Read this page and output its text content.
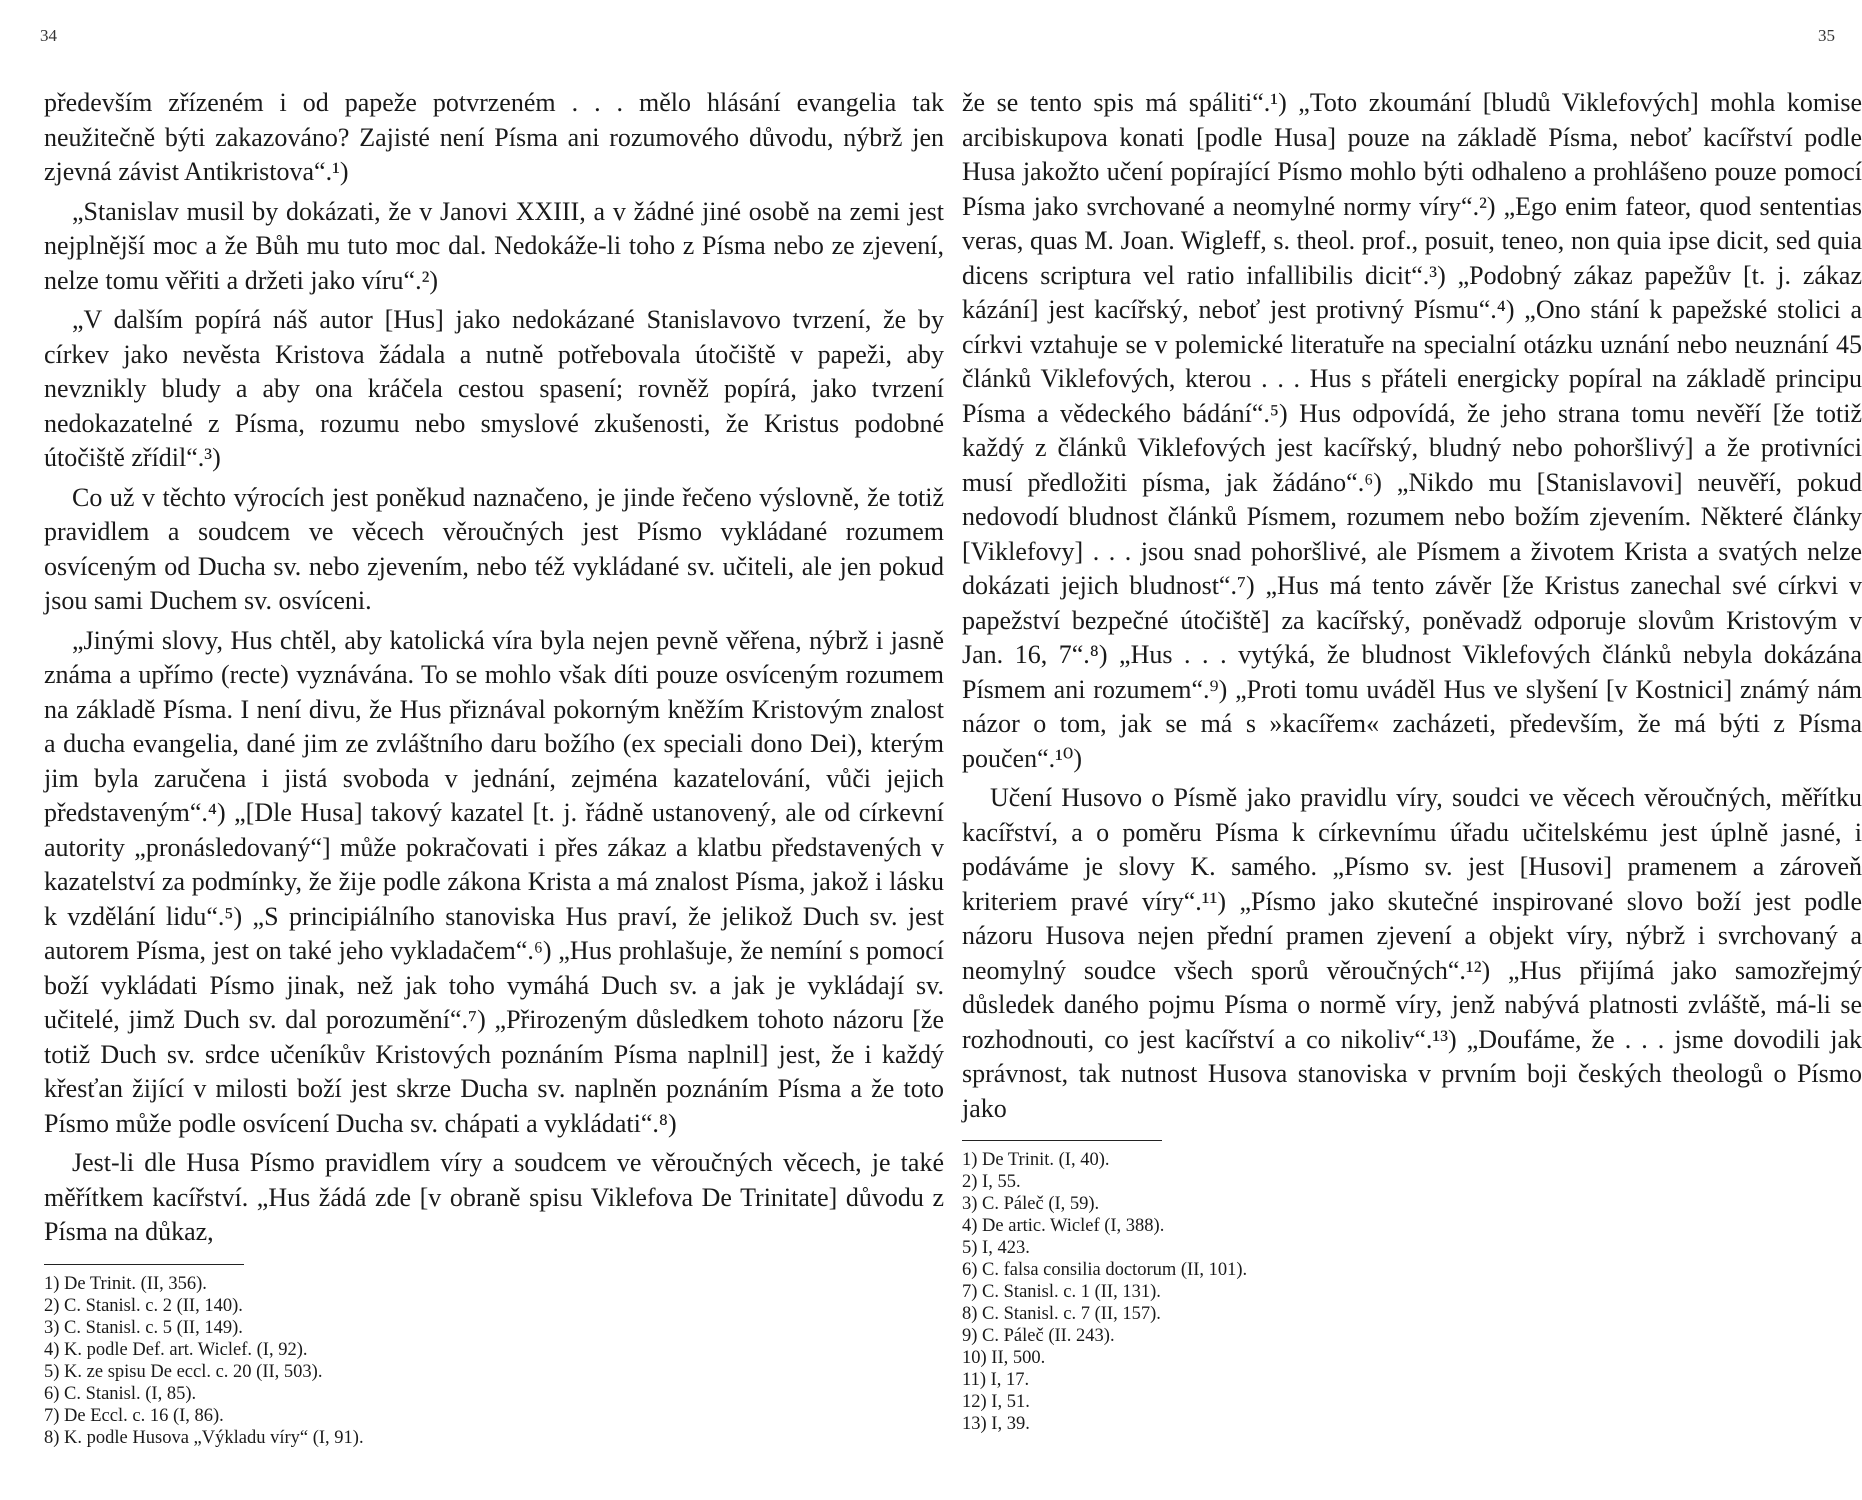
34	35

především zřízeném i od papeže potvrzeném . . . mělo hlásání evangelia tak neužitečně býti zakazováno? Zajisté není Písma ani rozumového důvodu, nýbrž jen zjevná závist Antikristova“.¹)

„Stanislav musil by dokázati, že v Janovi XXIII, a v žádné jiné osobě na zemi jest nejplnější moc a že Bůh mu tuto moc dal. Nedokáže-li toho z Písma nebo ze zjevení, nelze tomu věřiti a držeti jako víru“.²)

„V dalším popírá náš autor [Hus] jako nedokázané Stanislavovo tvrzení, že by církev jako nevěsta Kristova žádala a nutně potřebovala útočiště v papeži, aby nevznikly bludy a aby ona kráčela cestou spasení; rovněž popírá, jako tvrzení nedokazatelné z Písma, rozumu nebo smyslové zkušenosti, že Kristus podobné útočiště zřídil“.³)

Co už v těchto výrocích jest poněkud naznačeno, je jinde řečeno výslovně, že totiž pravidlem a soudcem ve věcech věroučných jest Písmo vykládané rozumem osvíceným od Ducha sv. nebo zjevením, nebo též vykládané sv. učiteli, ale jen pokud jsou sami Duchem sv. osvíceni.

„Jinými slovy, Hus chtěl, aby katolická víra byla nejen pevně věřena, nýbrž i jasně známa a upřímo (recte) vyznávána. To se mohlo však díti pouze osvíceným rozumem na základě Písma. I není divu, že Hus přiznával pokorným kněžím Kristovým znalost a ducha evangelia, dané jim ze zvláštního daru božího (ex speciali dono Dei), kterým jim byla zaručena i jistá svoboda v jednání, zejména kazatelování, vůči jejich představeným“.⁴) „[Dle Husa] takový kazatel [t. j. řádně ustanovený, ale od církevní autority „pronásledovaný“] může pokračovati i přes zákaz a klatbu představených v kazatelství za podmínky, že žije podle zákona Krista a má znalost Písma, jakož i lásku k vzdělání lidu“.⁵) „S principiálního stanoviska Hus praví, že jelikož Duch sv. jest autorem Písma, jest on také jeho vykladačem“.⁶) „Hus prohlašuje, že nemíní s pomocí boží vykládati Písmo jinak, než jak toho vymáhá Duch sv. a jak je vykládají sv. učitelé, jimž Duch sv. dal porozumění“.⁷) „Přirozeným důsledkem tohoto názoru [že totiž Duch sv. srdce učeníkův Kristových poznáním Písma naplnil] jest, že i každý křesťan žijící v milosti boží jest skrze Ducha sv. naplněn poznáním Písma a že toto Písmo může podle osvícení Ducha sv. chápati a vykládati“.⁸)

Jest-li dle Husa Písmo pravidlem víry a soudcem ve věroučných věcech, je také měřítkem kacířství. „Hus žádá zde [v obraně spisu Viklefova De Trinitate] důvodu z Písma na důkaz,

1) De Trinit. (II, 356).
2) C. Stanisl. c. 2 (II, 140).
3) C. Stanisl. c. 5 (II, 149).
4) K. podle Def. art. Wiclef. (I, 92).
5) K. ze spisu De eccl. c. 20 (II, 503).
6) C. Stanisl. (I, 85).
7) De Eccl. c. 16 (I, 86).
8) K. podle Husova „Výkladu víry“ (I, 91).

že se tento spis má spáliti“.¹) „Toto zkoumání [bludů Viklefových] mohla komise arcibiskupova konati [podle Husa] pouze na základě Písma, neboť kacířství podle Husa jakožto učení popírající Písmo mohlo býti odhaleno a prohlášeno pouze pomocí Písma jako svrchované a neomylné normy víry“.²) „Ego enim fateor, quod sententias veras, quas M. Joan. Wigleff, s. theol. prof., posuit, teneo, non quia ipse dicit, sed quia dicens scriptura vel ratio infallibilis dicit“.³) „Podobný zákaz papežův [t. j. zákaz kázání] jest kacířský, neboť jest protivný Písmu“.⁴) „Ono stání k papežské stolici a církvi vztahuje se v polemické literatuře na specialní otázku uznání nebo neuznání 45 článků Viklefových, kterou . . . Hus s přáteli energicky popíral na základě principu Písma a vědeckého bádání“.⁵) Hus odpovídá, že jeho strana tomu nevěří [že totiž každý z článků Viklefových jest kacířský, bludný nebo pohoršlivý] a že protivníci musí předložiti písma, jak žádáno“.⁶) „Nikdo mu [Stanislavovi] neuvěří, pokud nedovodí bludnost článků Písmem, rozumem nebo božím zjevením. Některé články [Viklefovy] . . . jsou snad pohoršlivé, ale Písmem a životem Krista a svatých nelze dokázati jejich bludnost“.⁷) „Hus má tento závěr [že Kristus zanechal své církvi v papežství bezpečné útočiště] za kacířský, poněvadž odporuje slovům Kristovým v Jan. 16, 7“.⁸) „Hus . . . vytýká, že bludnost Viklefových článků nebyla dokázána Písmem ani rozumem“.⁹) „Proti tomu uváděl Hus ve slyšení [v Kostnici] známý nám názor o tom, jak se má s »kacířem« zacházeti, především, že má býti z Písma poučen“.¹⁰)

Učení Husovo o Písmě jako pravidlu víry, soudci ve věcech věroučných, měřítku kacířství, a o poměru Písma k církevnímu úřadu učitelskému jest úplně jasné, i podáváme je slovy K. samého. „Písmo sv. jest [Husovi] pramenem a zároveň kriteriem pravé víry“.¹¹) „Písmo jako skutečné inspirované slovo boží jest podle názoru Husova nejen přední pramen zjevení a objekt víry, nýbrž i svrchovaný a neomylný soudce všech sporů věroučných“.¹²) „Hus přijímá jako samozřejmý důsledek daného pojmu Písma o normě víry, jenž nabývá platnosti zvláště, má-li se rozhodnouti, co jest kacířství a co nikoliv“.¹³) „Doufáme, že . . . jsme dovodili jak správnost, tak nutnost Husova stanoviska v prvním boji českých theologů o Písmo jako

1) De Trinit. (I, 40).
2) I, 55.
3) C. Páleč (I, 59).
4) De artic. Wiclef (I, 388).
5) I, 423.
6) C. falsa consilia doctorum (II, 101).
7) C. Stanisl. c. 1 (II, 131).
8) C. Stanisl. c. 7 (II, 157).
9) C. Páleč (II. 243).
10) II, 500.
11) I, 17.
12) I, 51.
13) I, 39.
